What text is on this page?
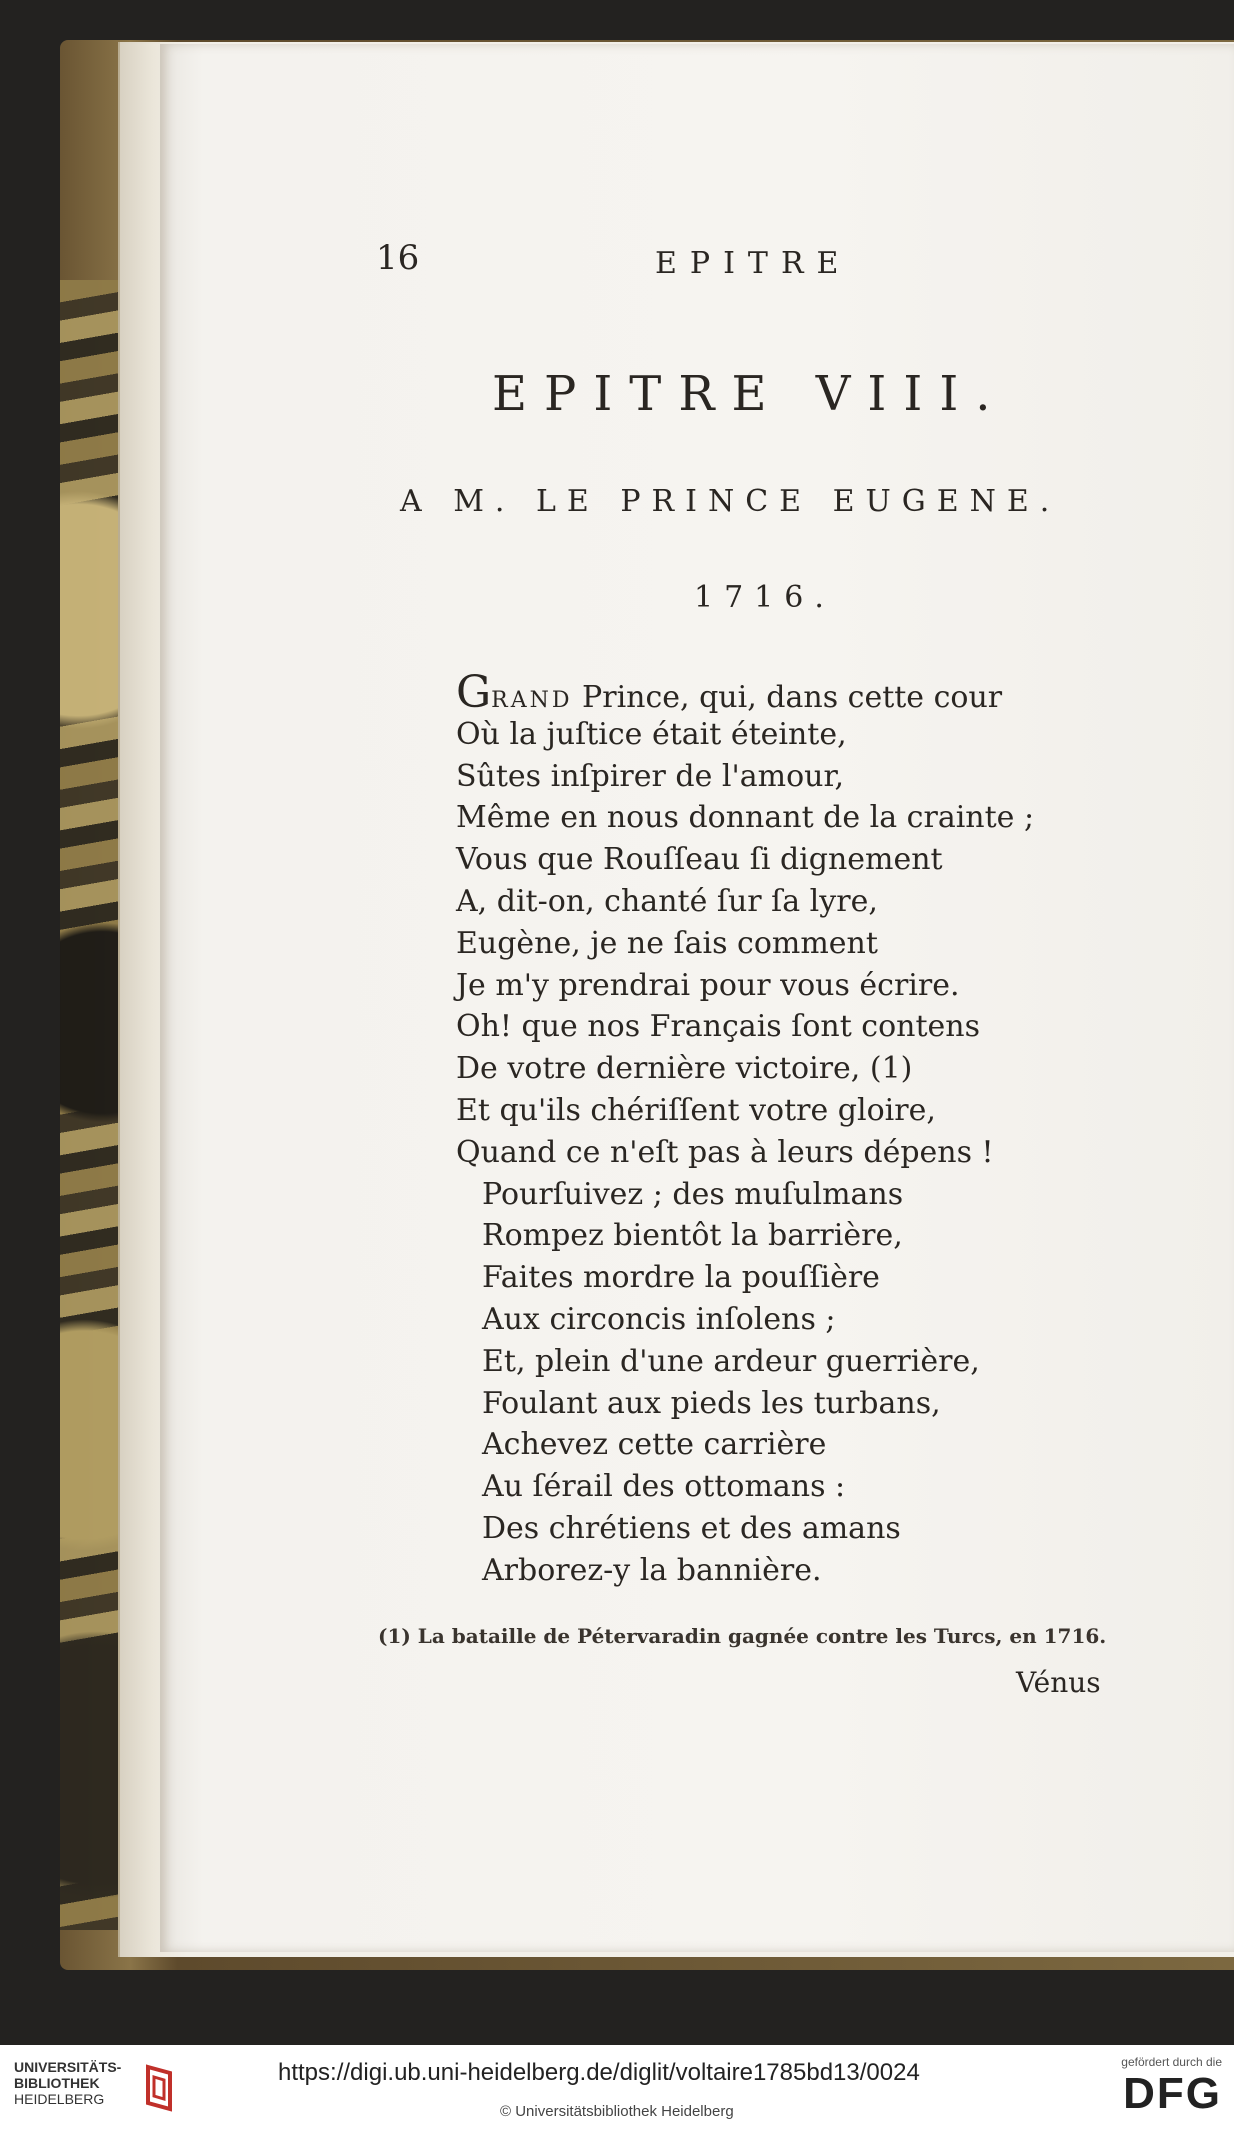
16	EPITRE
EPITRE VIII.
A M. LE PRINCE EUGENE.
1716.
GRAND Prince, qui, dans cette cour
Où la juſtice était éteinte,
Sûtes inſpirer de l'amour,
Même en nous donnant de la crainte ;
Vous que Rouſſeau ſi dignement
A, dit-on, chanté ſur ſa lyre,
Eugène, je ne ſais comment
Je m'y prendrai pour vous écrire.
Oh! que nos Français ſont contens
De votre dernière victoire, (1)
Et qu'ils chériſſent votre gloire,
Quand ce n'eſt pas à leurs dépens !
Pourſuivez ; des muſulmans
Rompez bientôt la barrière,
Faites mordre la pouſſière
Aux circoncis inſolens ;
Et, plein d'une ardeur guerrière,
Foulant aux pieds les turbans,
Achevez cette carrière
Au ſérail des ottomans :
Des chrétiens et des amans
Arborez-y la bannière.
(1) La bataille de Pétervaradin gagnée contre les Turcs, en 1716.
Vénus
UNIVERSITÄTS-
BIBLIOTHEK
HEIDELBERG
https://digi.ub.uni-heidelberg.de/diglit/voltaire1785bd13/0024
© Universitätsbibliothek Heidelberg
gefördert durch die
DFG
